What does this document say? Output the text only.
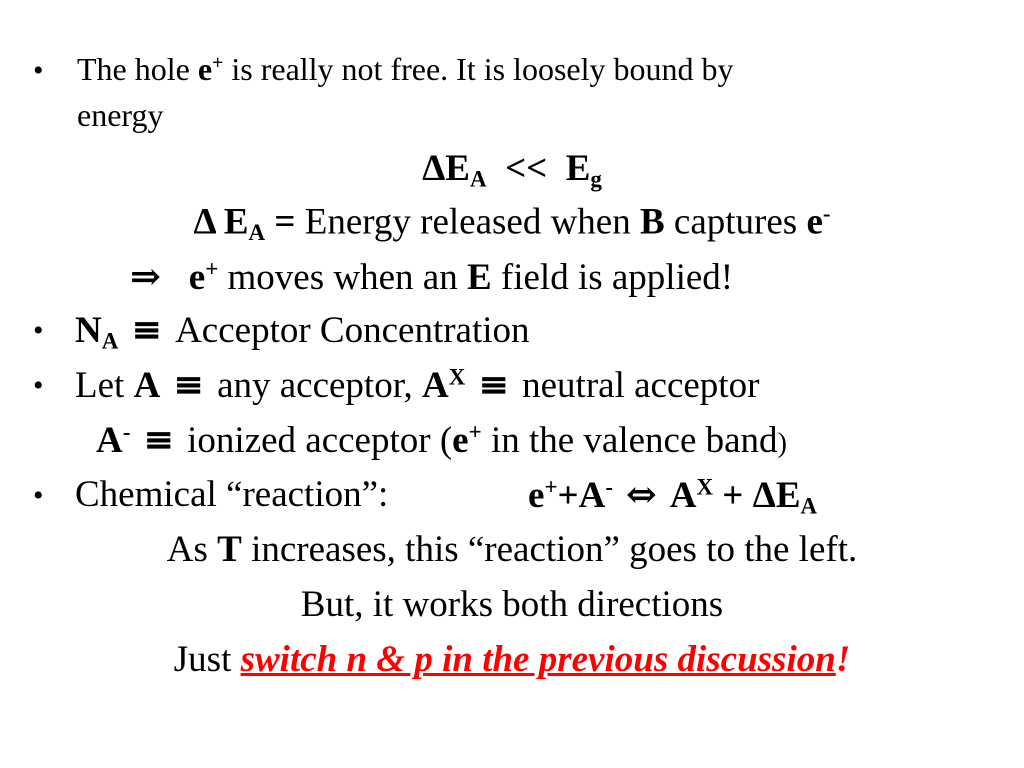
• The hole e+ is really not free. It is loosely bound by
energy
$\Delta E_A << E_g$
Δ $E_A$ = Energy released when B captures e-
⇒ e+ moves when an E field is applied!
• $N_A$ ≡ Acceptor Concentration
• Let A ≡ any acceptor, $A^X$ ≡ neutral acceptor
A- ≡ ionized acceptor (e+ in the valence band)
• Chemical “reaction”:	e++A- ⇔ $A^X + \Delta E_A$
As T increases, this “reaction” goes to the left.
But, it works both directions
Just switch n & p in the previous discussion!
